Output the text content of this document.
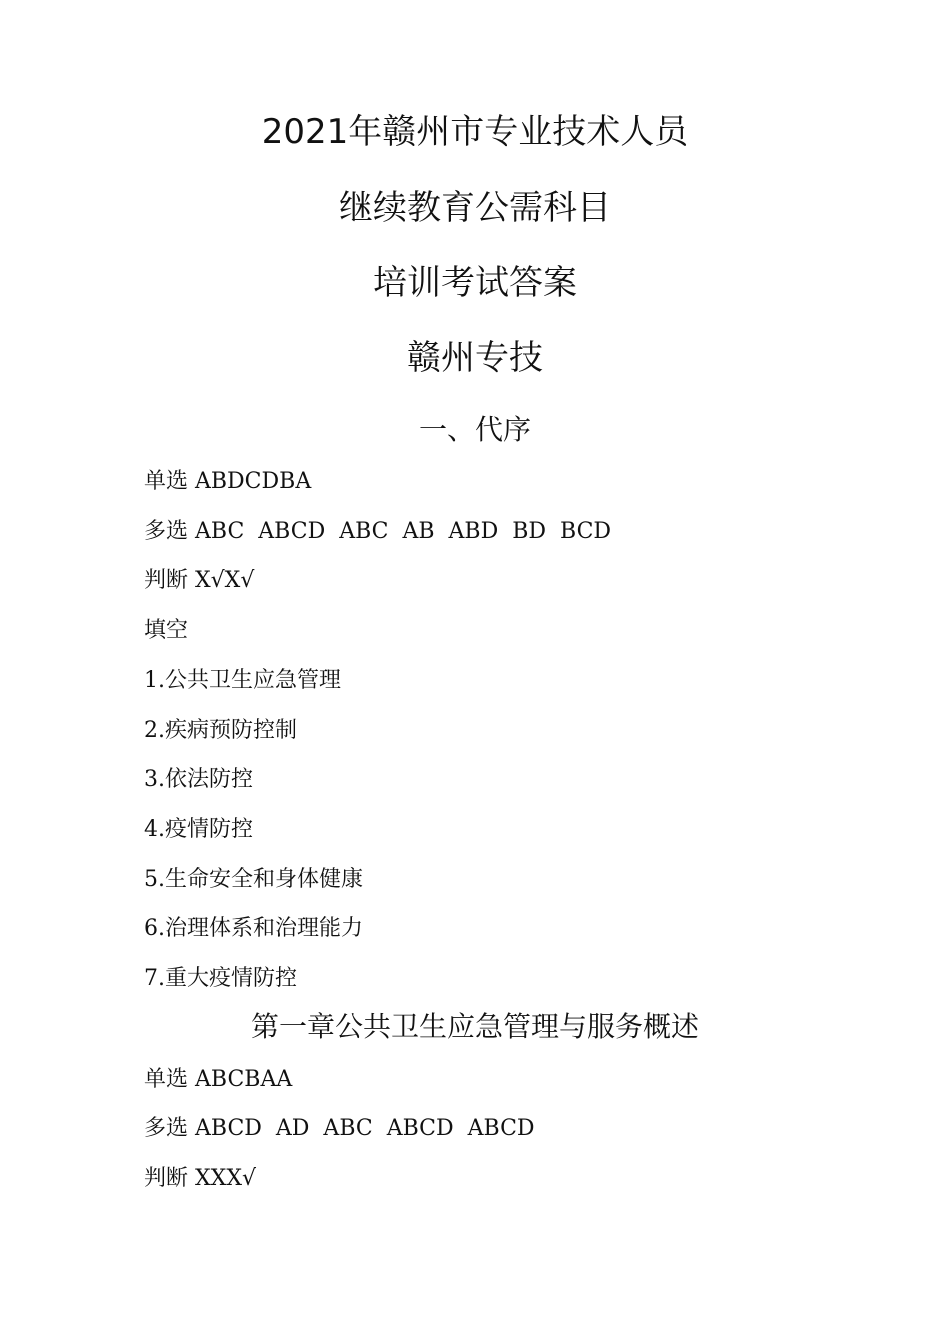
2021年赣州市专业技术人员
继续教育公需科目
培训考试答案
赣州专技
一、代序
单选 ABDCDBA
多选 ABC  ABCD  ABC  AB  ABD  BD  BCD
判断 X√X√
填空
1.公共卫生应急管理
2.疾病预防控制
3.依法防控
4.疫情防控
5.生命安全和身体健康
6.治理体系和治理能力
7.重大疫情防控
第一章公共卫生应急管理与服务概述
单选 ABCBAA
多选 ABCD  AD  ABC  ABCD  ABCD
判断 XXX√
